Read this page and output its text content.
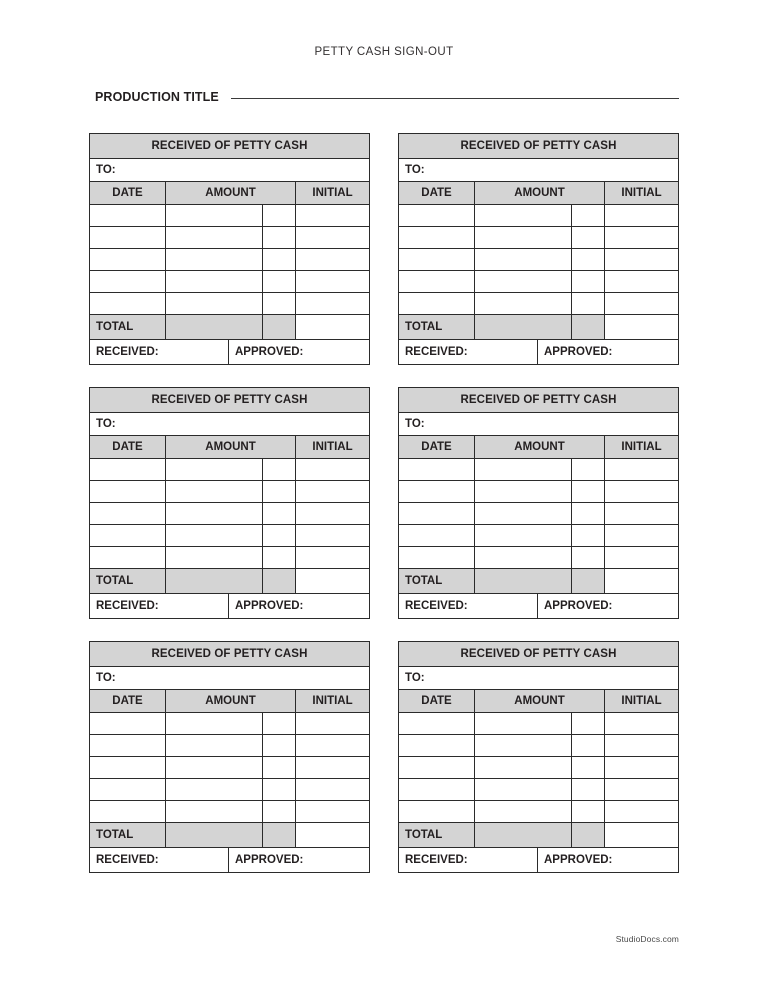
PETTY CASH SIGN-OUT
PRODUCTION TITLE
RECEIVED OF PETTY CASH
TO:
DATE	AMOUNT	INITIAL
TOTAL
RECEIVED:	APPROVED:
RECEIVED OF PETTY CASH
TO:
DATE	AMOUNT	INITIAL
TOTAL
RECEIVED:	APPROVED:
RECEIVED OF PETTY CASH
TO:
DATE	AMOUNT	INITIAL
TOTAL
RECEIVED:	APPROVED:
RECEIVED OF PETTY CASH
TO:
DATE	AMOUNT	INITIAL
TOTAL
RECEIVED:	APPROVED:
RECEIVED OF PETTY CASH
TO:
DATE	AMOUNT	INITIAL
TOTAL
RECEIVED:	APPROVED:
RECEIVED OF PETTY CASH
TO:
DATE	AMOUNT	INITIAL
TOTAL
RECEIVED:	APPROVED:
StudioDocs.com
